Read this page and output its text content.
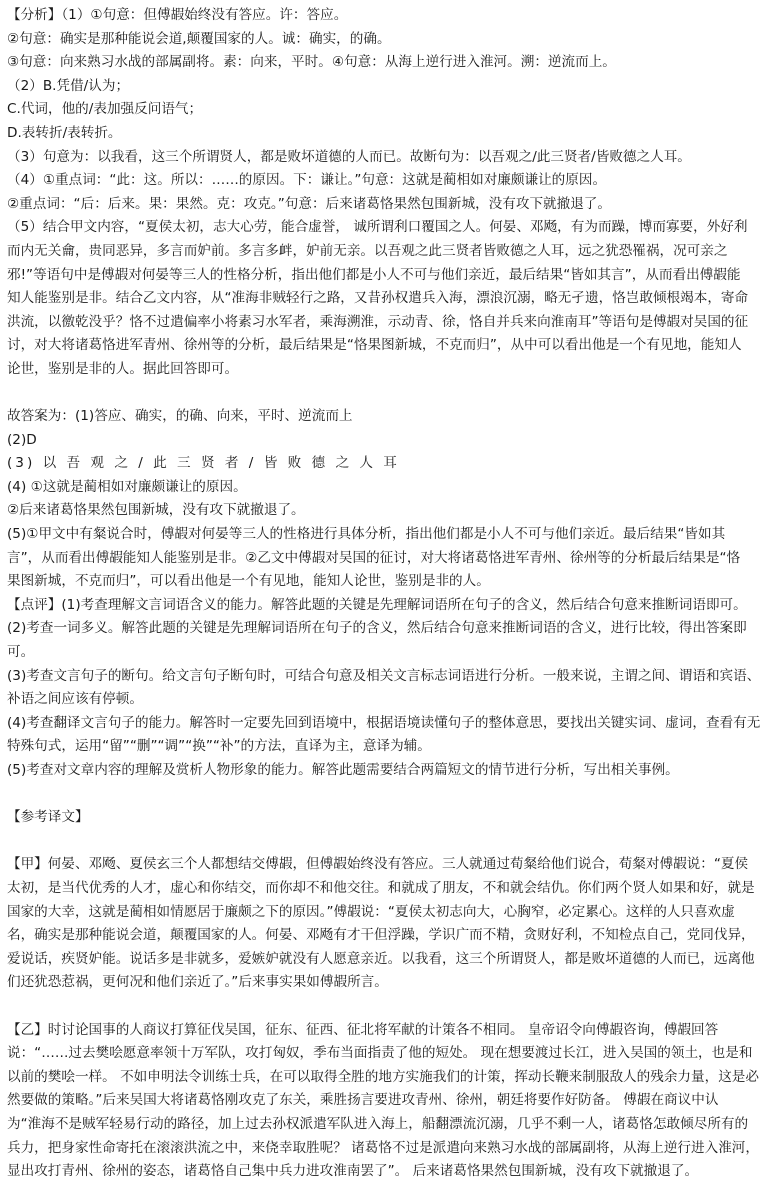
【分析】（1）①句意：但傅嘏始终没有答应。许：答应。
②句意：确实是那种能说会道,颠覆国家的人。诚：确实，的确。
③句意：向来熟习水战的部属副将。素：向来，平时。④句意：从海上逆行进入淮河。溯：逆流而上。
（2）B.凭借/认为；
C.代词，他的/表加强反问语气；
D.表转折/表转折。
（3）句意为：以我看，这三个所谓贤人，都是败坏道德的人而已。故断句为：以吾观之/此三贤者/皆败德之人耳。
（4）①重点词：“此：这。所以：……的原因。下：谦让。”句意：这就是蔺相如对廉颇谦让的原因。
②重点词：“后：后来。果：果然。克：攻克。”句意：后来诸葛恪果然包围新城，没有攻下就撤退了。
（5）结合甲文内容，“夏侯太初，志大心劳，能合虚誉， 诚所谓利口覆国之人。何晏、邓飏，有为而躁，博而寡要，外好利
而内无关龠，贵同恶异，多言而妒前。多言多衅，妒前无亲。以吾观之此三贤者皆败德之人耳，远之犹恐罹祸，况可亲之
邪!”等语句中是傅嘏对何晏等三人的性格分析，指出他们都是小人不可与他们亲近，最后结果“皆如其言”，从而看出傅嘏能
知人能鉴别是非。结合乙文内容，从“准海非贼轻行之路，又昔孙权遣兵入海，漂浪沉溺，略无孑遗，恪岂敢倾根竭本，寄命
洪流，以徼乾没乎？恪不过遣偏率小将素习水军者，乘海溯淮，示动青、徐，恪自并兵来向淮南耳”等语句是傅嘏对吴国的征
讨，对大将诸葛恪进军青州、徐州等的分析，最后结果是“恪果图新城，不克而归”，从中可以看出他是一个有见地，能知人
论世，鉴别是非的人。据此回答即可。
故答案为：(1)答应、确实，的确、向来，平时、逆流而上
(2)D
(3) 以 吾 观 之 / 此 三 贤 者 / 皆 败 德 之 人 耳
(4) ①这就是蔺相如对廉颇谦让的原因。
②后来诸葛恪果然包围新城，没有攻下就撤退了。
(5)①甲文中有粲说合时，傅嘏对何晏等三人的性格进行具体分析，指出他们都是小人不可与他们亲近。最后结果“皆如其
言”，从而看出傅嘏能知人能鉴别是非。②乙文中傅嘏对吴国的征讨，对大将诸葛恪进军青州、徐州等的分析最后结果是“恪
果图新城，不克而归”，可以看出他是一个有见地，能知人论世，鉴别是非的人。
【点评】(1)考查理解文言词语含义的能力。解答此题的关键是先理解词语所在句子的含义，然后结合句意来推断词语即可。
(2)考查一词多义。解答此题的关键是先理解词语所在句子的含义，然后结合句意来推断词语的含义，进行比较，得出答案即
可。
(3)考查文言句子的断句。给文言句子断句时，可结合句意及相关文言标志词语进行分析。一般来说，主谓之间、谓语和宾语、
补语之间应该有停顿。
(4)考查翻译文言句子的能力。解答时一定要先回到语境中，根据语境读懂句子的整体意思，要找出关键实词、虚词，查看有无
特殊句式，运用“留”“删”“调”“换”“补”的方法，直译为主，意译为辅。
(5)考查对文章内容的理解及赏析人物形象的能力。解答此题需要结合两篇短文的情节进行分析，写出相关事例。
【参考译文】
【甲】何晏、邓飏、夏侯玄三个人都想结交傅嘏，但傅嘏始终没有答应。三人就通过荀粲给他们说合，荀粲对傅嘏说：“夏侯
太初，是当代优秀的人才，虚心和你结交，而你却不和他交往。和就成了朋友，不和就会结仇。你们两个贤人如果和好，就是
国家的大幸，这就是蔺相如情愿居于廉颇之下的原因。”傅嘏说：“夏侯太初志向大，心胸窄，必定累心。这样的人只喜欢虚
名，确实是那种能说会道，颠覆国家的人。何晏、邓飏有才干但浮躁，学识广而不精，贪财好利，不知检点自己，党同伐异，
爱说话，疾贤妒能。说话多是非就多，爱嫉妒就没有人愿意亲近。以我看，这三个所谓贤人，都是败坏道德的人而已，远离他
们还犹恐惹祸，更何况和他们亲近了。”后来事实果如傅嘏所言。
【乙】时讨论国事的人商议打算征伐吴国，征东、征西、征北将军献的计策各不相同。 皇帝诏令向傅嘏咨询，傅嘏回答
说：“……过去樊哙愿意率领十万军队，攻打匈奴，季布当面指责了他的短处。 现在想要渡过长江，进入吴国的领土，也是和
以前的樊哙一样。 不如申明法令训练士兵，在可以取得全胜的地方实施我们的计策，挥动长鞭来制服敌人的残余力量，这是必
然要做的策略。”后来吴国大将诸葛恪刚攻克了东关，乘胜扬言要进攻青州、徐州，朝廷将要作好防备。 傅嘏在商议中认
为“淮海不是贼军轻易行动的路径，加上过去孙权派遣军队进入海上，船翻漂流沉溺，几乎不剩一人，诸葛恪怎敢倾尽所有的
兵力，把身家性命寄托在滚滚洪流之中，来侥幸取胜呢？ 诸葛恪不过是派遣向来熟习水战的部属副将，从海上逆行进入淮河，
显出攻打青州、徐州的姿态，诸葛恪自己集中兵力进攻淮南罢了”。 后来诸葛恪果然包围新城，没有攻下就撤退了。
